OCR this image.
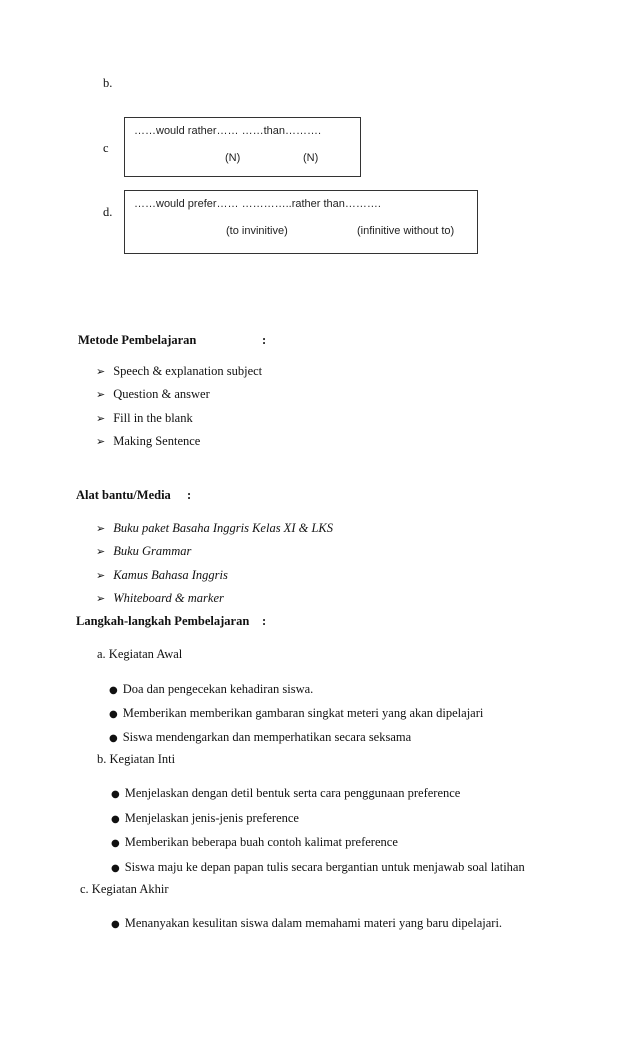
b.
c
d.
……would rather…… ……than……….
(N)	(N)
……would prefer…… …………..rather than……….
(to invinitive)	(infinitive without to)
Metode Pembelajaran	:
➢ Speech & explanation subject
➢ Question & answer
➢ Fill in the blank
➢ Making Sentence
Alat bantu/Media :
➢ Buku paket Basaha Inggris Kelas XI & LKS
➢ Buku Grammar
➢ Kamus Bahasa Inggris
➢ Whiteboard & marker
Langkah-langkah Pembelajaran :
a. Kegiatan Awal
● Doa dan pengecekan kehadiran siswa.
● Memberikan memberikan gambaran singkat meteri yang akan dipelajari
● Siswa mendengarkan dan memperhatikan secara seksama
b. Kegiatan Inti
● Menjelaskan dengan detil bentuk serta cara penggunaan preference
● Menjelaskan jenis-jenis preference
● Memberikan beberapa buah contoh kalimat preference
● Siswa maju ke depan papan tulis secara bergantian untuk menjawab soal latihan
c. Kegiatan Akhir
● Menanyakan kesulitan siswa dalam memahami materi yang baru dipelajari.
